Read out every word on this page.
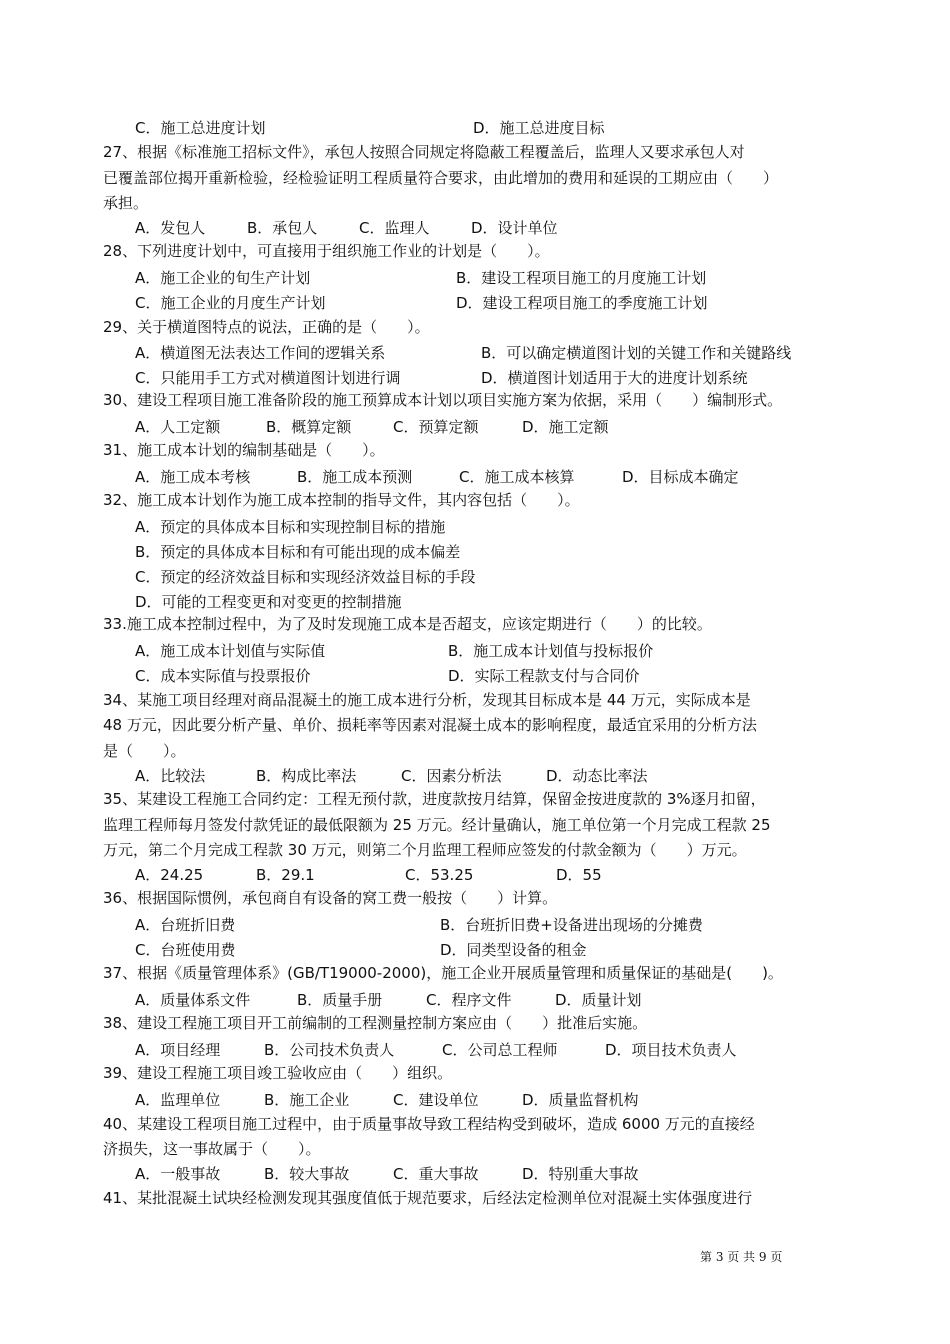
27、根据《标准施工招标文件》，承包人按照合同规定将隐蔽工程覆盖后，监理人又要求承包人对
已覆盖部位揭开重新检验，经检验证明工程质量符合要求，由此增加的费用和延误的工期应由（　　）
承担。
28、下列进度计划中，可直接用于组织施工作业的计划是（　　）。
29、关于横道图特点的说法，正确的是（　　）。
30、建设工程项目施工准备阶段的施工预算成本计划以项目实施方案为依据，采用（　　）编制形式。
31、施工成本计划的编制基础是（　　）。
32、施工成本计划作为施工成本控制的指导文件，其内容包括（　　）。
33.施工成本控制过程中，为了及时发现施工成本是否超支，应该定期进行（　　）的比较。
34、某施工项目经理对商品混凝土的施工成本进行分析，发现其目标成本是 44 万元，实际成本是
48 万元，因此要分析产量、单价、损耗率等因素对混凝土成本的影响程度，最适宜采用的分析方法
是（　　）。
35、某建设工程施工合同约定：工程无预付款，进度款按月结算，保留金按进度款的 3%逐月扣留，
监理工程师每月签发付款凭证的最低限额为 25 万元。经计量确认，施工单位第一个月完成工程款 25
万元，第二个月完成工程款 30 万元，则第二个月监理工程师应签发的付款金额为（　　）万元。
36、根据国际惯例，承包商自有设备的窝工费一般按（　　）计算。
37、根据《质量管理体系》(GB/T19000-2000)，施工企业开展质量管理和质量保证的基础是(　　)。
38、建设工程施工项目开工前编制的工程测量控制方案应由（　　）批准后实施。
39、建设工程施工项目竣工验收应由（　　）组织。
40、某建设工程项目施工过程中，由于质量事故导致工程结构受到破坏，造成 6000 万元的直接经
济损失，这一事故属于（　　）。
41、某批混凝土试块经检测发现其强度值低于规范要求，后经法定检测单位对混凝土实体强度进行
C．施工总进度计划	D．施工总进度目标
A．发包人	B．承包人	C．监理人	D．设计单位
A．施工企业的旬生产计划	B．建设工程项目施工的月度施工计划
C．施工企业的月度生产计划	D．建设工程项目施工的季度施工计划
A．横道图无法表达工作间的逻辑关系	B．可以确定横道图计划的关键工作和关键路线
C．只能用手工方式对横道图计划进行调	D．横道图计划适用于大的进度计划系统
A．人工定额	B．概算定额	C．预算定额	D．施工定额
A．施工成本考核	B．施工成本预测	C．施工成本核算	D．目标成本确定
A．预定的具体成本目标和实现控制目标的措施
B．预定的具体成本目标和有可能出现的成本偏差
C．预定的经济效益目标和实现经济效益目标的手段
D．可能的工程变更和对变更的控制措施
A．施工成本计划值与实际值	B．施工成本计划值与投标报价
C．成本实际值与投票报价	D．实际工程款支付与合同价
A．比较法	B．构成比率法	C．因素分析法	D．动态比率法
A．24.25	B．29.1	C．53.25	D．55
A．台班折旧费	B．台班折旧费+设备进出现场的分摊费
C．台班使用费	D．同类型设备的租金
A．质量体系文件	B．质量手册	C．程序文件	D．质量计划
A．项目经理	B．公司技术负责人	C．公司总工程师	D．项目技术负责人
A．监理单位	B．施工企业	C．建设单位	D．质量监督机构
A．一般事故	B．较大事故	C．重大事故	D．特别重大事故
第 3 页 共 9 页
